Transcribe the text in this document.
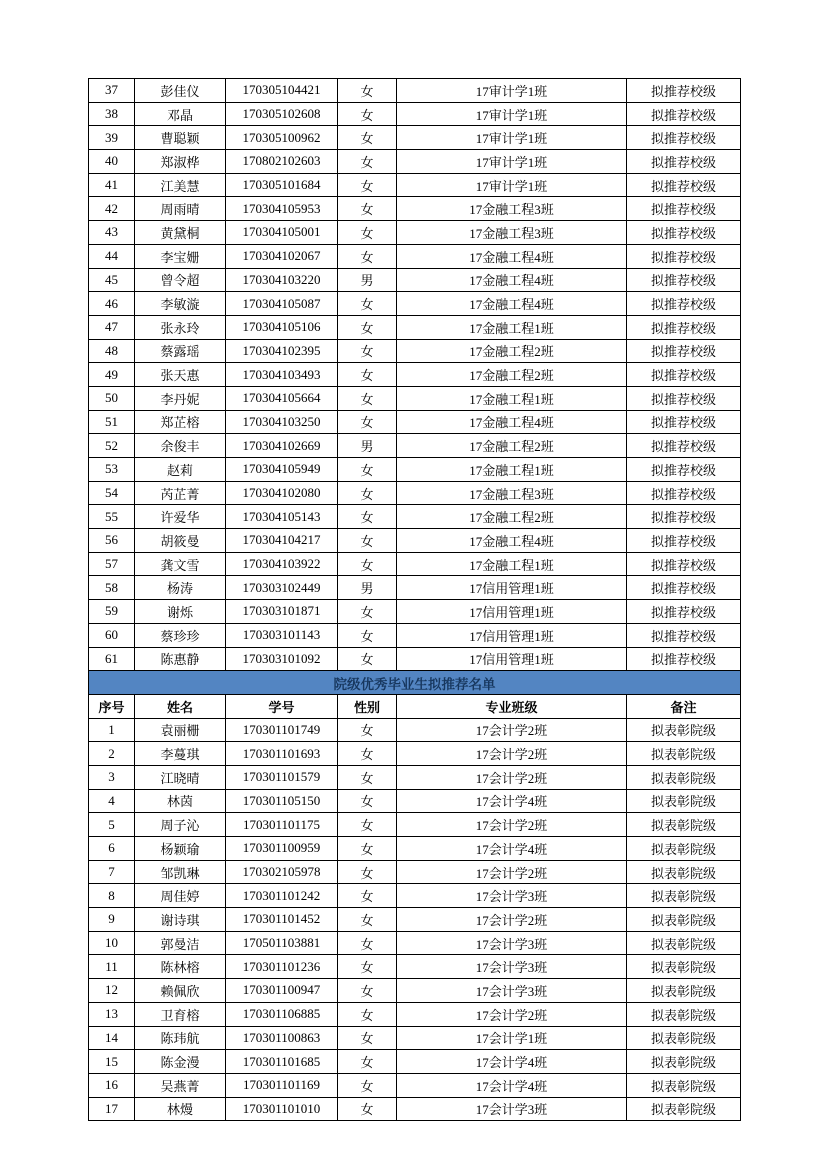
37	彭佳仪	170305104421	女	17审计学1班	拟推荐校级
38	邓晶	170305102608	女	17审计学1班	拟推荐校级
39	曹聪颖	170305100962	女	17审计学1班	拟推荐校级
40	郑淑桦	170802102603	女	17审计学1班	拟推荐校级
41	江美慧	170305101684	女	17审计学1班	拟推荐校级
42	周雨晴	170304105953	女	17金融工程3班	拟推荐校级
43	黄黛桐	170304105001	女	17金融工程3班	拟推荐校级
44	李宝姗	170304102067	女	17金融工程4班	拟推荐校级
45	曾令超	170304103220	男	17金融工程4班	拟推荐校级
46	李敏漩	170304105087	女	17金融工程4班	拟推荐校级
47	张永玲	170304105106	女	17金融工程1班	拟推荐校级
48	蔡露瑶	170304102395	女	17金融工程2班	拟推荐校级
49	张天惠	170304103493	女	17金融工程2班	拟推荐校级
50	李丹妮	170304105664	女	17金融工程1班	拟推荐校级
51	郑芷榕	170304103250	女	17金融工程4班	拟推荐校级
52	余俊丰	170304102669	男	17金融工程2班	拟推荐校级
53	赵莉	170304105949	女	17金融工程1班	拟推荐校级
54	芮芷菁	170304102080	女	17金融工程3班	拟推荐校级
55	许爱华	170304105143	女	17金融工程2班	拟推荐校级
56	胡筱曼	170304104217	女	17金融工程4班	拟推荐校级
57	龚文雪	170304103922	女	17金融工程1班	拟推荐校级
58	杨涛	170303102449	男	17信用管理1班	拟推荐校级
59	谢烁	170303101871	女	17信用管理1班	拟推荐校级
60	蔡珍珍	170303101143	女	17信用管理1班	拟推荐校级
61	陈惠静	170303101092	女	17信用管理1班	拟推荐校级
院级优秀毕业生拟推荐名单					
序号	姓名	学号	性别	专业班级	备注
1	袁丽栅	170301101749	女	17会计学2班	拟表彰院级
2	李蔓琪	170301101693	女	17会计学2班	拟表彰院级
3	江晓晴	170301101579	女	17会计学2班	拟表彰院级
4	林茵	170301105150	女	17会计学4班	拟表彰院级
5	周子沁	170301101175	女	17会计学2班	拟表彰院级
6	杨颖瑜	170301100959	女	17会计学4班	拟表彰院级
7	邹凯琳	170302105978	女	17会计学2班	拟表彰院级
8	周佳婷	170301101242	女	17会计学3班	拟表彰院级
9	谢诗琪	170301101452	女	17会计学2班	拟表彰院级
10	郭曼洁	170501103881	女	17会计学3班	拟表彰院级
11	陈林榕	170301101236	女	17会计学3班	拟表彰院级
12	赖佩欣	170301100947	女	17会计学3班	拟表彰院级
13	卫育榕	170301106885	女	17会计学2班	拟表彰院级
14	陈玮航	170301100863	女	17会计学1班	拟表彰院级
15	陈金漫	170301101685	女	17会计学4班	拟表彰院级
16	吴燕菁	170301101169	女	17会计学4班	拟表彰院级
17	林熳	170301101010	女	17会计学3班	拟表彰院级
